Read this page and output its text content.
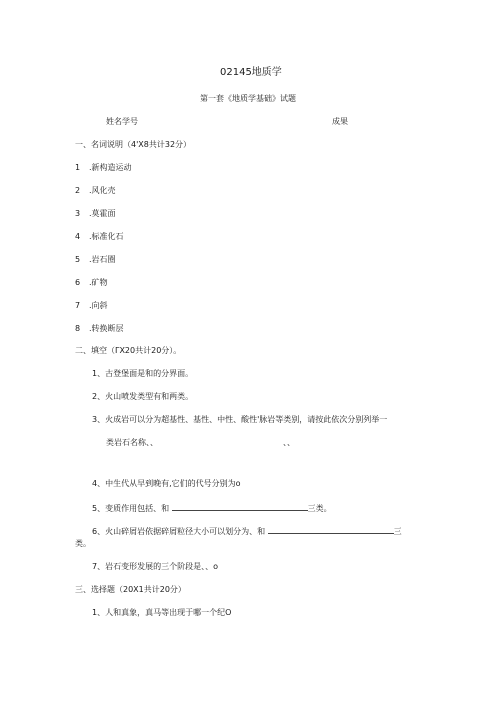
02145地质学
第一套《地质学基础》试题
姓名学号	成果
一、名词说明（4'X8共计32分）
1 .新构造运动
2 .风化壳
3 .莫霍面
4 .标准化石
5 .岩石圈
6 .矿物
7 .向斜
8 .转换断层
二、填空（ΓX20共计20分）。
1、古登堡面是和的分界面。
2、火山喷发类型有和两类。
3、火成岩可以分为超基性、基性、中性、酸性'脉岩等类别，请按此依次分别列举一
类岩石名称、、	、、
4、中生代从早到晚有,它们的代号分别为o
5、变质作用包括、和	三类。
6、火山碎屑岩依据碎屑粒径大小可以划分为、和	三
类。
7、岩石变形发展的三个阶段是、、o
三、选择题（20X1共计20分）
1、人和真象，真马等出现于哪一个纪O
